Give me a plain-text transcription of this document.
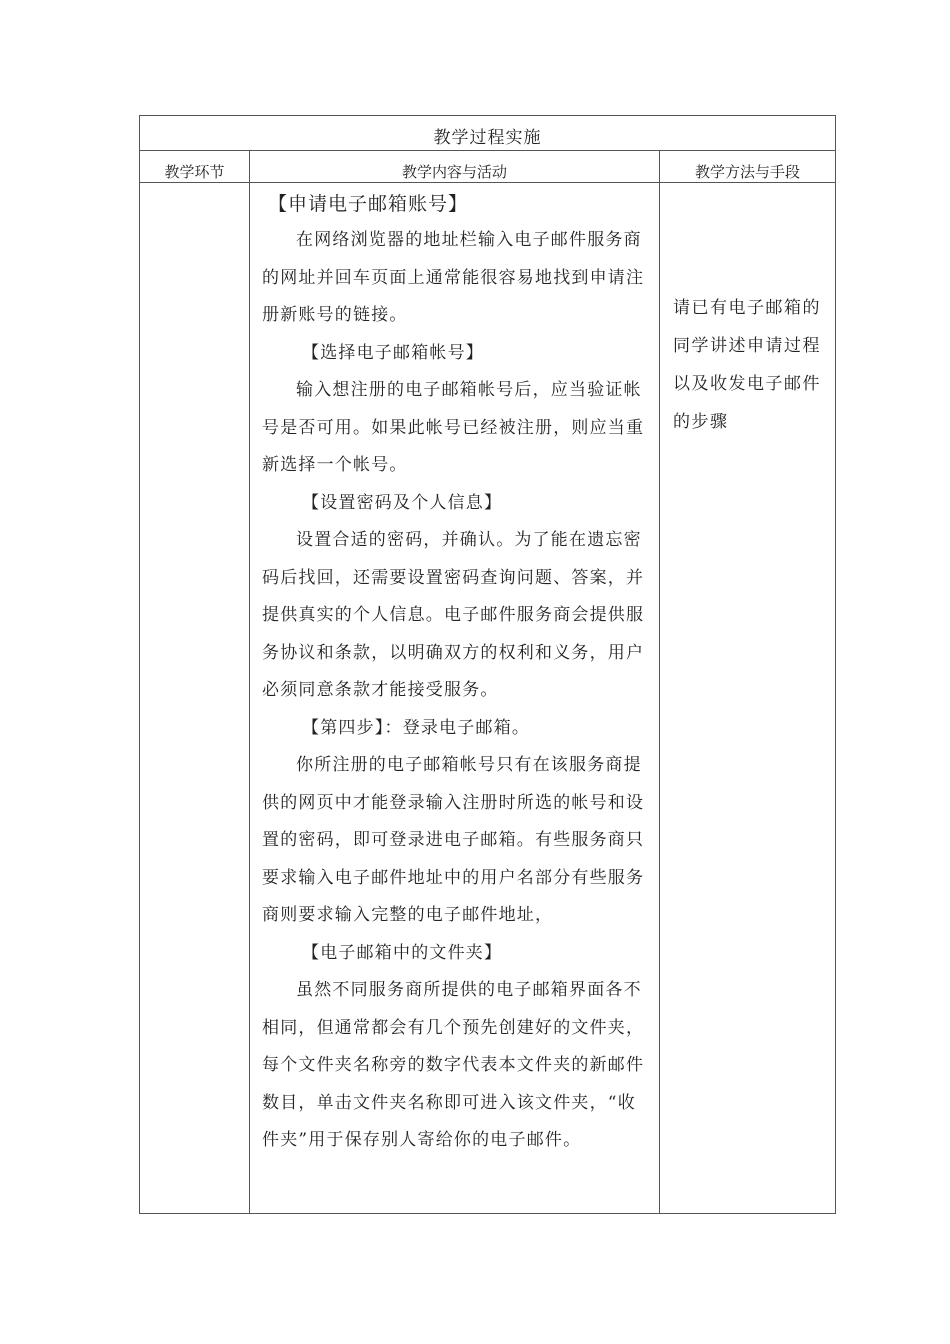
教学过程实施
教学环节	教学内容与活动	教学方法与手段

【申请电子邮箱账号】

在网络浏览器的地址栏输入电子邮件服务商的网址并回车页面上通常能很容易地找到申请注册新账号的链接。

【选择电子邮箱帐号】

输入想注册的电子邮箱帐号后，应当验证帐号是否可用。如果此帐号已经被注册，则应当重新选择一个帐号。

【设置密码及个人信息】

设置合适的密码，并确认。为了能在遗忘密码后找回，还需要设置密码查询问题、答案，并提供真实的个人信息。电子邮件服务商会提供服务协议和条款，以明确双方的权利和义务，用户必须同意条款才能接受服务。

【第四步】：登录电子邮箱。

你所注册的电子邮箱帐号只有在该服务商提供的网页中才能登录输入注册时所选的帐号和设置的密码，即可登录进电子邮箱。有些服务商只要求输入电子邮件地址中的用户名部分有些服务商则要求输入完整的电子邮件地址，

【电子邮箱中的文件夹】

虽然不同服务商所提供的电子邮箱界面各不相同，但通常都会有几个预先创建好的文件夹，每个文件夹名称旁的数字代表本文件夹的新邮件数目，单击文件夹名称即可进入该文件夹，“收件夹”用于保存别人寄给你的电子邮件。

请已有电子邮箱的同学讲述申请过程以及收发电子邮件的步骤
